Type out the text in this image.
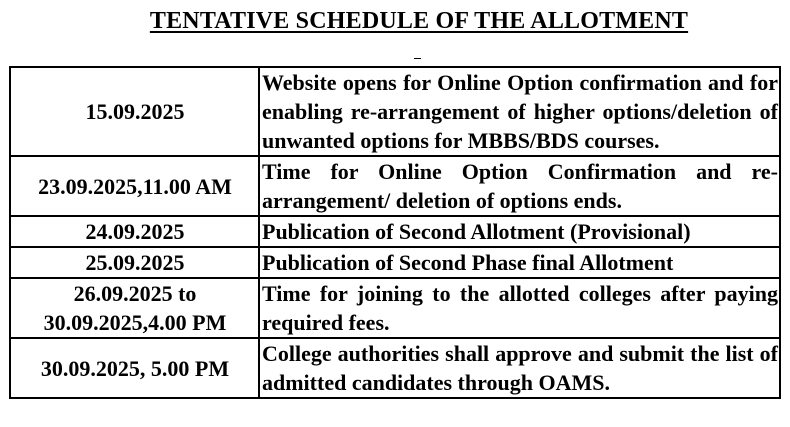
TENTATIVE SCHEDULE OF THE ALLOTMENT
15.09.2025	Website opens for Online Option confirmation and for enabling re-arrangement of higher options/deletion of unwanted options for MBBS/BDS courses.
23.09.2025,11.00 AM	Time for Online Option Confirmation and re-arrangement/ deletion of options ends.
24.09.2025	Publication of Second Allotment (Provisional)
25.09.2025	Publication of Second Phase final Allotment
26.09.2025 to 30.09.2025,4.00 PM	Time for joining to the allotted colleges after paying required fees.
30.09.2025, 5.00 PM	College authorities shall approve and submit the list of admitted candidates through OAMS.
